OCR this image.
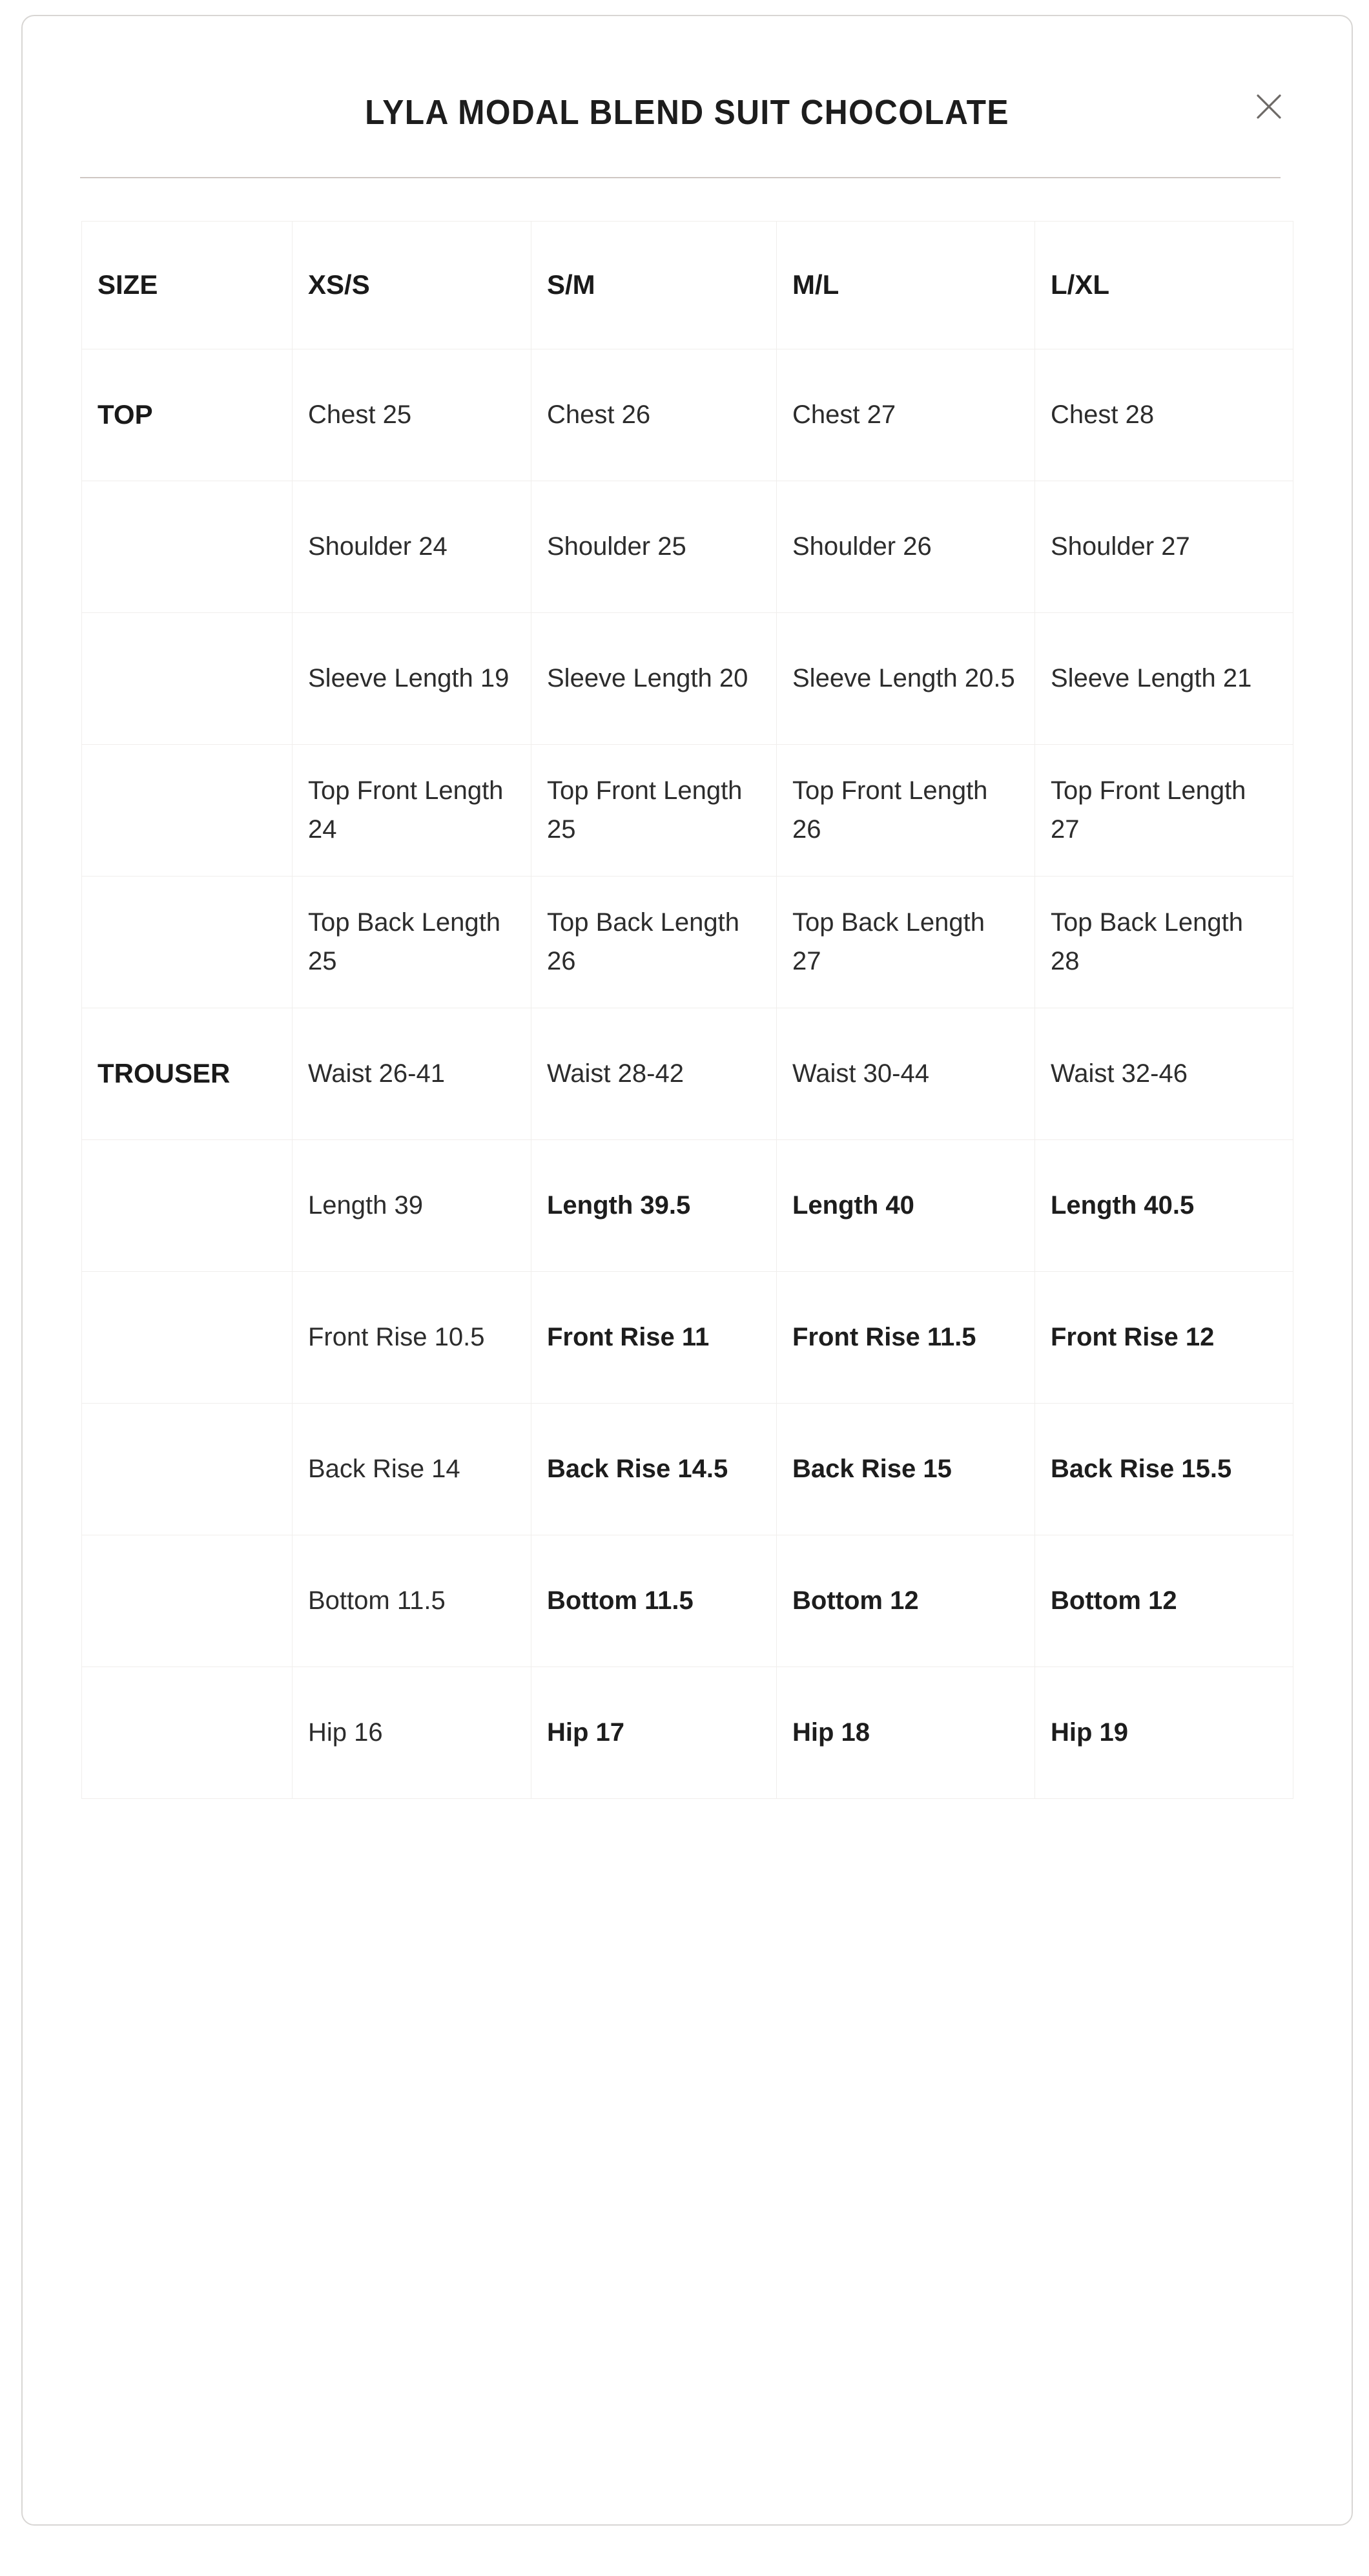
LYLA MODAL BLEND SUIT CHOCOLATE
SIZE	XS/S	S/M	M/L	L/XL
TOP	Chest 25	Chest 26	Chest 27	Chest 28
	Shoulder 24	Shoulder 25	Shoulder 26	Shoulder 27
	Sleeve Length 19	Sleeve Length 20	Sleeve Length 20.5	Sleeve Length 21
	Top Front Length 24	Top Front Length 25	Top Front Length 26	Top Front Length 27
	Top Back Length 25	Top Back Length 26	Top Back Length 27	Top Back Length 28
TROUSER	Waist 26-41	Waist 28-42	Waist 30-44	Waist 32-46
	Length 39	Length 39.5	Length 40	Length 40.5
	Front Rise 10.5	Front Rise 11	Front Rise 11.5	Front Rise 12
	Back Rise 14	Back Rise 14.5	Back Rise 15	Back Rise 15.5
	Bottom 11.5	Bottom 11.5	Bottom 12	Bottom 12
	Hip 16	Hip 17	Hip 18	Hip 19
